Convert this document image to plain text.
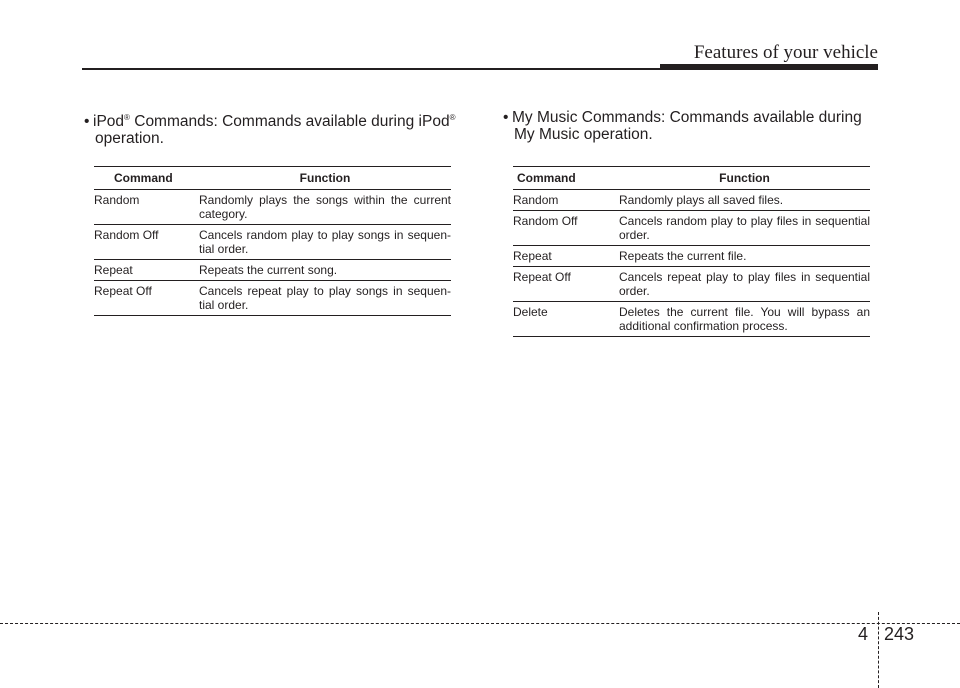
Features of your vehicle
• iPod® Commands: Commands available during iPod®
operation.
• My Music Commands: Commands available during
My Music operation.
Command	Function
Random	Randomly plays the songs within the current category.

Random Off	Cancels random play to play songs in sequen-tial order.

Repeat	Repeats the current song.

Repeat Off	Cancels repeat play to play songs in sequen-tial order.
Command	Function
Random	Randomly plays all saved files.

Random Off	Cancels random play to play files in sequential order.

Repeat	Repeats the current file.

Repeat Off	Cancels repeat play to play files in sequential order.

Delete	Deletes the current file. You will bypass an additional confirmation process.
4 243
